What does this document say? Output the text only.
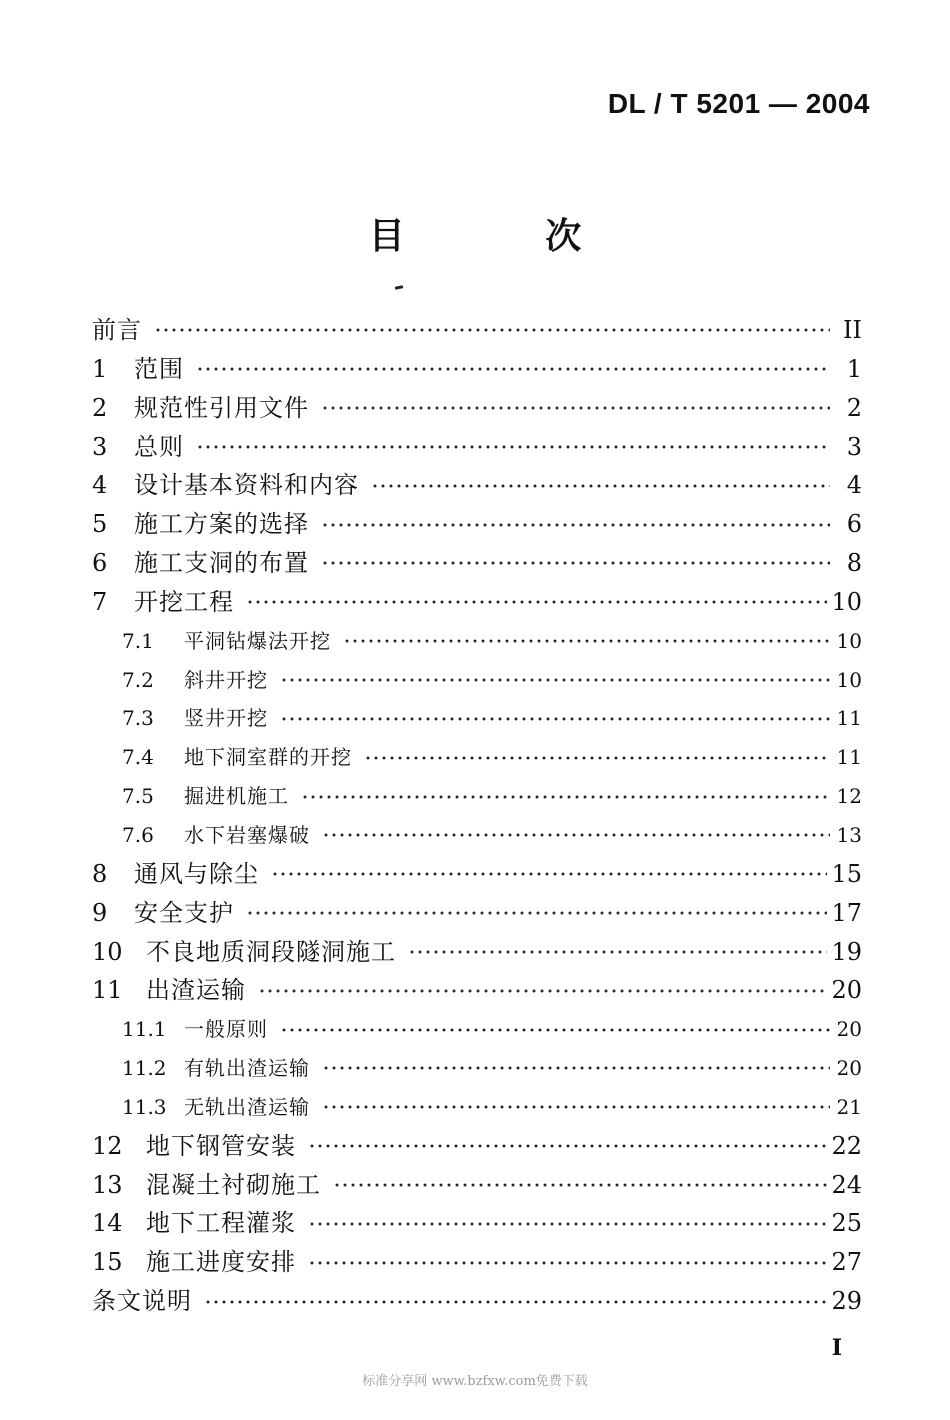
DL / T 5201 — 2004
目 次
前言	II
1	范围	1
2	规范性引用文件	2
3	总则	3
4	设计基本资料和内容	4
5	施工方案的选择	6
6	施工支洞的布置	8
7	开挖工程	10
7.1	平洞钻爆法开挖	10
7.2	斜井开挖	10
7.3	竖井开挖	11
7.4	地下洞室群的开挖	11
7.5	掘进机施工	12
7.6	水下岩塞爆破	13
8	通风与除尘	15
9	安全支护	17
10 不良地质洞段隧洞施工	19
11 出渣运输	20
11.1 一般原则	20
11.2 有轨出渣运输	20
11.3 无轨出渣运输	21
12 地下钢管安装	22
13 混凝土衬砌施工	24
14 地下工程灌浆	25
15 施工进度安排	27
条文说明	29
I
标准分享网 www.bzfxw.com免费下载
